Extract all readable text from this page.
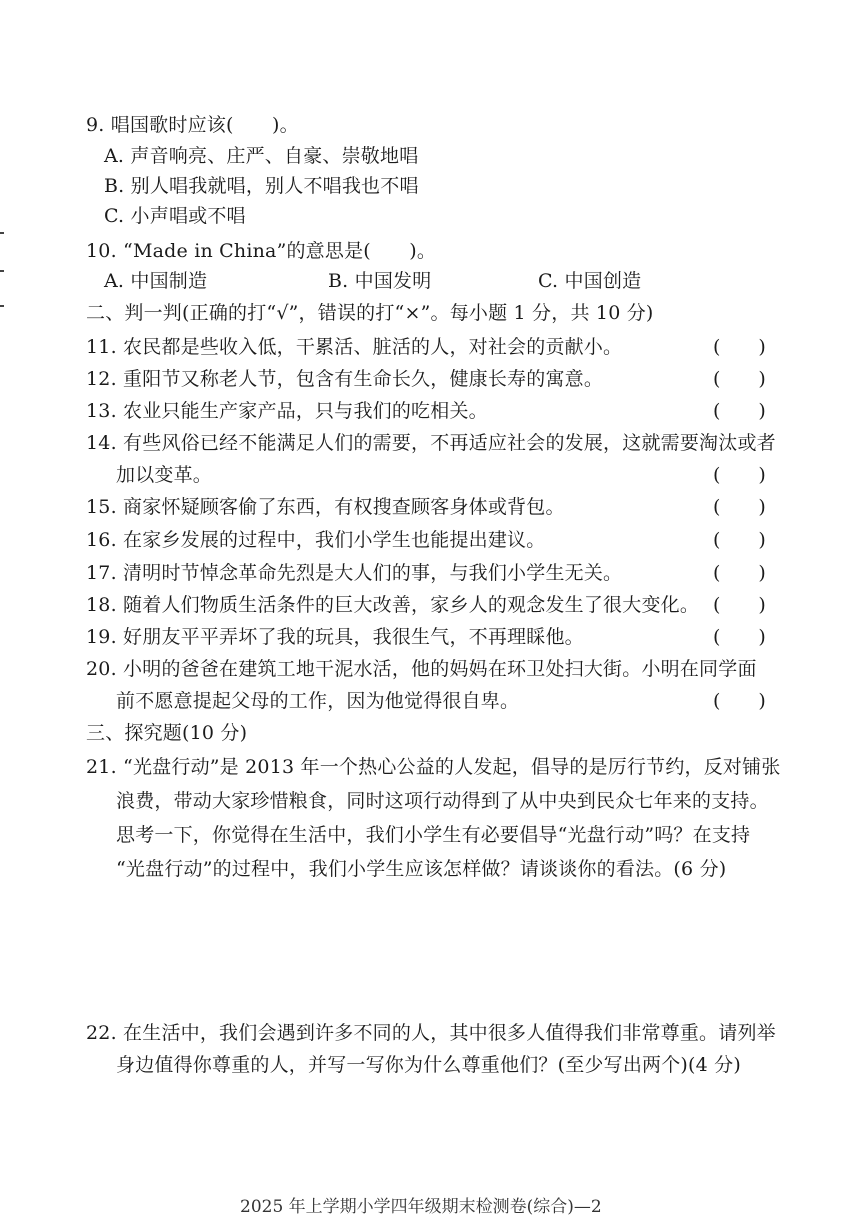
9. 唱国歌时应该(　　)。
A. 声音响亮、庄严、自豪、崇敬地唱
B. 别人唱我就唱，别人不唱我也不唱
C. 小声唱或不唱
10. “Made in China”的意思是(　　)。
A. 中国制造	B. 中国发明	C. 中国创造
二、判一判(正确的打“√”，错误的打“×”。每小题 1 分，共 10 分)
11. 农民都是些收入低，干累活、脏活的人，对社会的贡献小。	( )
12. 重阳节又称老人节，包含有生命长久，健康长寿的寓意。	( )
13. 农业只能生产家产品，只与我们的吃相关。	( )
14. 有些风俗已经不能满足人们的需要，不再适应社会的发展，这就需要淘汰或者
加以变革。	( )
15. 商家怀疑顾客偷了东西，有权搜查顾客身体或背包。	( )
16. 在家乡发展的过程中，我们小学生也能提出建议。	( )
17. 清明时节悼念革命先烈是大人们的事，与我们小学生无关。	( )
18. 随着人们物质生活条件的巨大改善，家乡人的观念发生了很大变化。 ( )
19. 好朋友平平弄坏了我的玩具，我很生气，不再理睬他。	( )
20. 小明的爸爸在建筑工地干泥水活，他的妈妈在环卫处扫大街。小明在同学面
前不愿意提起父母的工作，因为他觉得很自卑。	( )
三、探究题(10 分)
21. “光盘行动”是 2013 年一个热心公益的人发起，倡导的是厉行节约，反对铺张
浪费，带动大家珍惜粮食，同时这项行动得到了从中央到民众七年来的支持。
思考一下，你觉得在生活中，我们小学生有必要倡导“光盘行动”吗？在支持
“光盘行动”的过程中，我们小学生应该怎样做？请谈谈你的看法。(6 分)
22. 在生活中，我们会遇到许多不同的人，其中很多人值得我们非常尊重。请列举
身边值得你尊重的人，并写一写你为什么尊重他们？(至少写出两个)(4 分)
2025 年上学期小学四年级期末检测卷(综合)—2
